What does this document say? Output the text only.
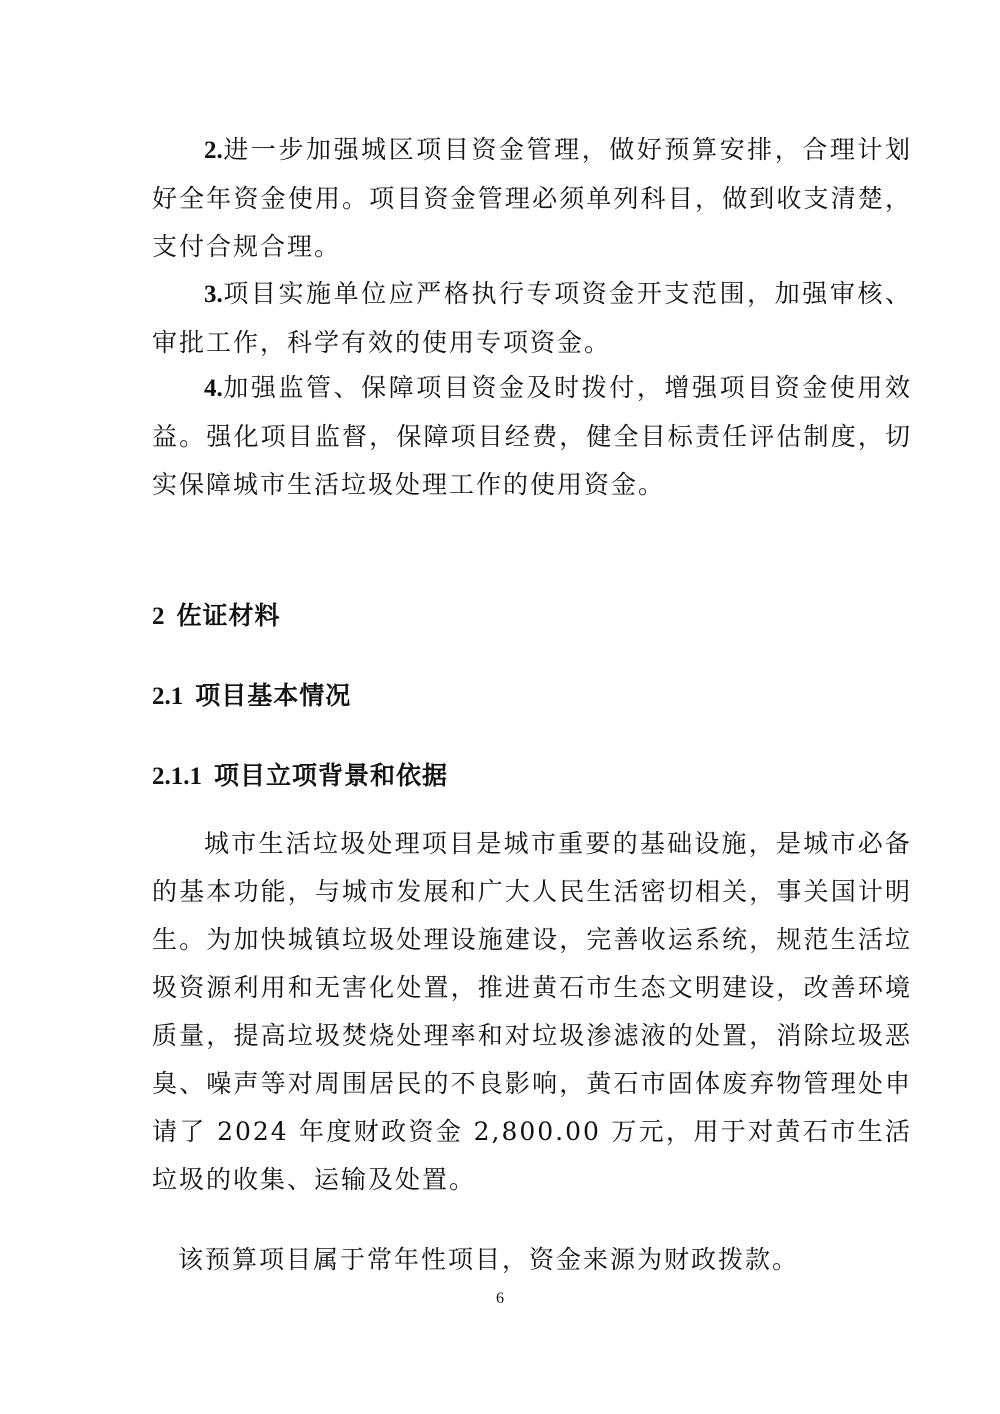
2.进一步加强城区项目资金管理，做好预算安排，合理计划好全年资金使用。项目资金管理必须单列科目，做到收支清楚，支付合规合理。

3.项目实施单位应严格执行专项资金开支范围，加强审核、审批工作，科学有效的使用专项资金。

4.加强监管、保障项目资金及时拨付，增强项目资金使用效益。强化项目监督，保障项目经费，健全目标责任评估制度，切实保障城市生活垃圾处理工作的使用资金。

2 佐证材料
2.1 项目基本情况
2.1.1 项目立项背景和依据

城市生活垃圾处理项目是城市重要的基础设施，是城市必备的基本功能，与城市发展和广大人民生活密切相关，事关国计明生。为加快城镇垃圾处理设施建设，完善收运系统，规范生活垃圾资源利用和无害化处置，推进黄石市生态文明建设，改善环境质量，提高垃圾焚烧处理率和对垃圾渗滤液的处置，消除垃圾恶臭、噪声等对周围居民的不良影响，黄石市固体废弃物管理处申请了 2024 年度财政资金 2,800.00 万元，用于对黄石市生活垃圾的收集、运输及处置。

该预算项目属于常年性项目，资金来源为财政拨款。

6
